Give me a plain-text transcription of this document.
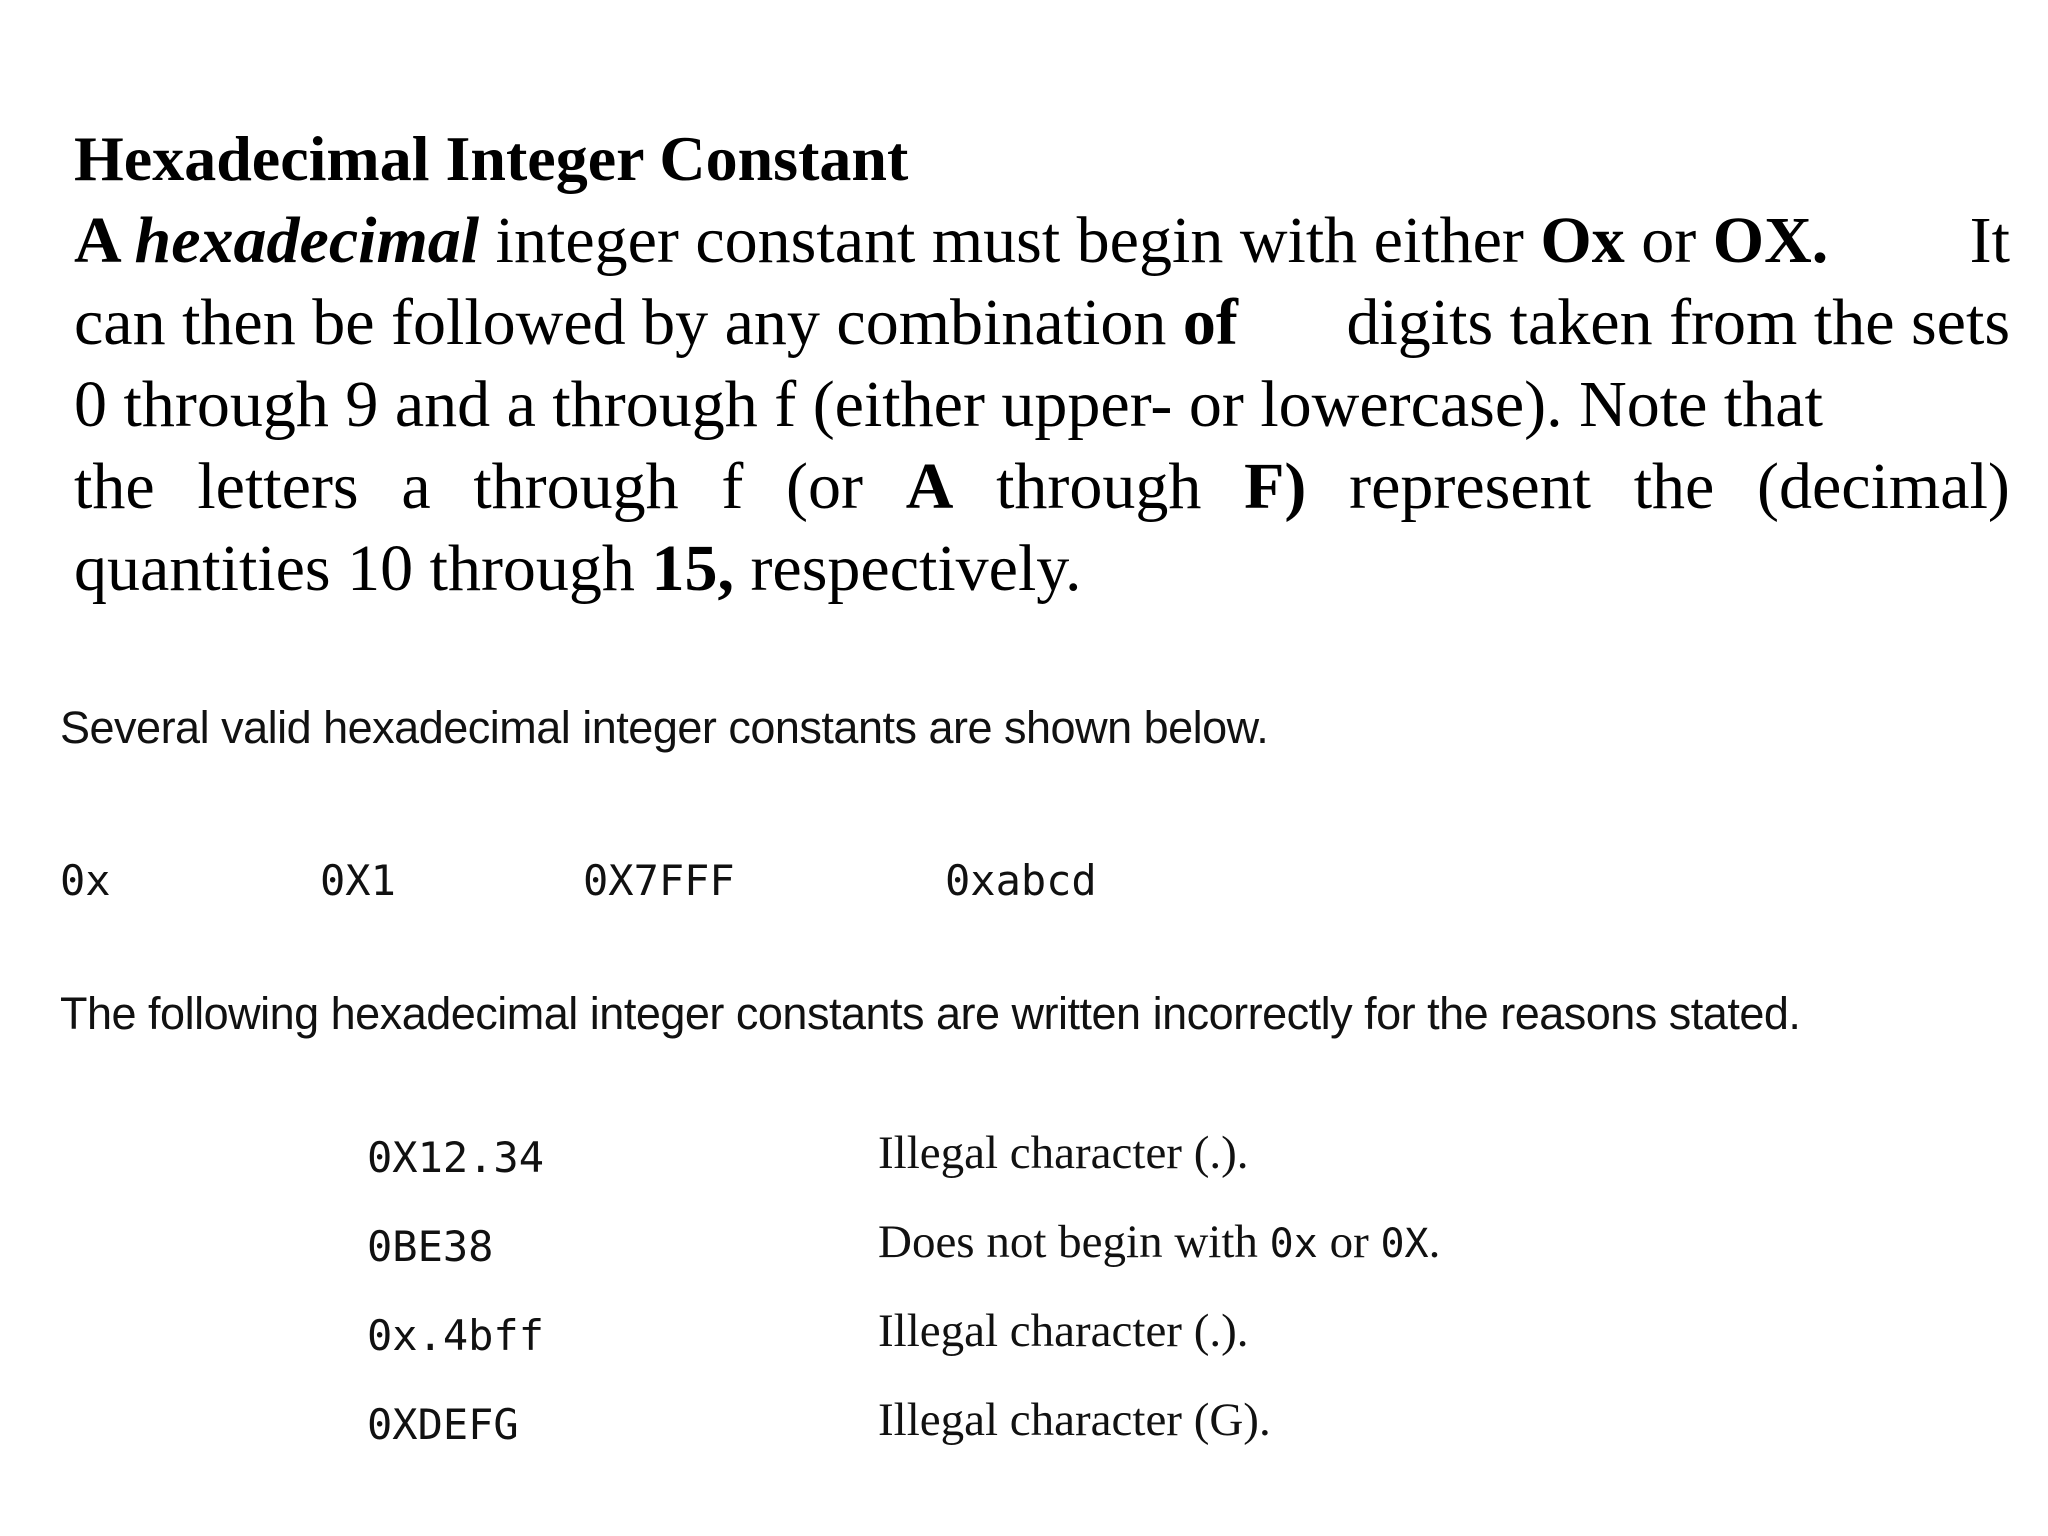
Hexadecimal Integer Constant

A hexadecimal integer constant must begin with either Ox or OX. It

can then be followed by any combination of digits taken from the sets

0 through 9 and a through f (either upper- or lowercase). Note that

the letters a through f (or A through F) represent the (decimal)

quantities 10 through 15, respectively.

Several valid hexadecimal integer constants are shown below.
0x	0X1	0X7FFF	0xabcd
The following hexadecimal integer constants are written incorrectly for the reasons stated.
0X12.34	Illegal character (.).
0BE38	Does not begin with 0x or 0X.
0x.4bff	Illegal character (.).
0XDEFG	Illegal character (G).
